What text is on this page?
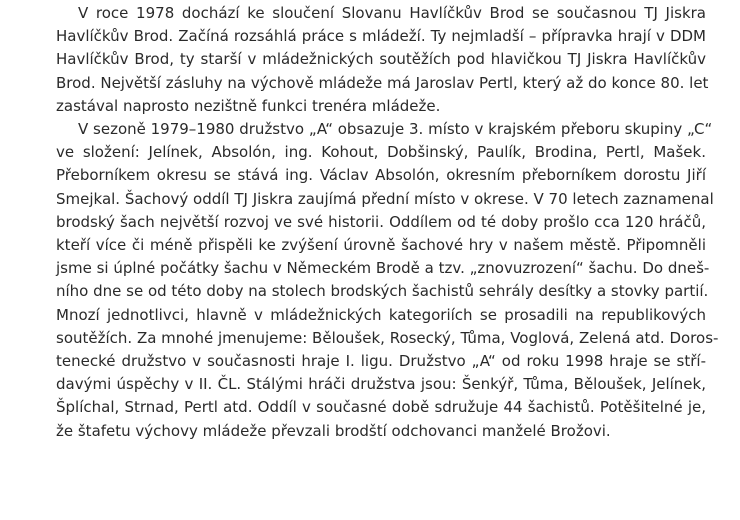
V roce 1978 dochází ke sloučení Slovanu Havlíčkův Brod se současnou TJ Jiskra
Havlíčkův Brod. Začíná rozsáhlá práce s mládeží. Ty nejmladší – přípravka hrají v DDM
Havlíčkův Brod, ty starší v mládežnických soutěžích pod hlavičkou TJ Jiskra Havlíčkův
Brod. Největší zásluhy na výchově mládeže má Jaroslav Pertl, který až do konce 80. let
zastával naprosto nezištně funkci trenéra mládeže.
V sezoně 1979–1980 družstvo „A“ obsazuje 3. místo v krajském přeboru skupiny „C“
ve složení: Jelínek, Absolón, ing. Kohout, Dobšinský, Paulík, Brodina, Pertl, Mašek.
Přeborníkem okresu se stává ing. Václav Absolón, okresním přeborníkem dorostu Jiří
Smejkal. Šachový oddíl TJ Jiskra zaujímá přední místo v okrese. V 70 letech zaznamenal
brodský šach největší rozvoj ve své historii. Oddílem od té doby prošlo cca 120 hráčů,
kteří více či méně přispěli ke zvýšení úrovně šachové hry v našem městě. Připomněli
jsme si úplné počátky šachu v Německém Brodě a tzv. „znovuzrození“ šachu. Do dneš-
ního dne se od této doby na stolech brodských šachistů sehrály desítky a stovky partií.
Mnozí jednotlivci, hlavně v mládežnických kategoriích se prosadili na republikových
soutěžích. Za mnohé jmenujeme: Běloušek, Rosecký, Tůma, Voglová, Zelená atd. Doros-
tenecké družstvo v současnosti hraje I. ligu. Družstvo „A“ od roku 1998 hraje se stří-
davými úspěchy v II. ČL. Stálými hráči družstva jsou: Šenkýř, Tůma, Běloušek, Jelínek,
Šplíchal, Strnad, Pertl atd. Oddíl v současné době sdružuje 44 šachistů. Potěšitelné je,
že štafetu výchovy mládeže převzali brodští odchovanci manželé Brožovi.
